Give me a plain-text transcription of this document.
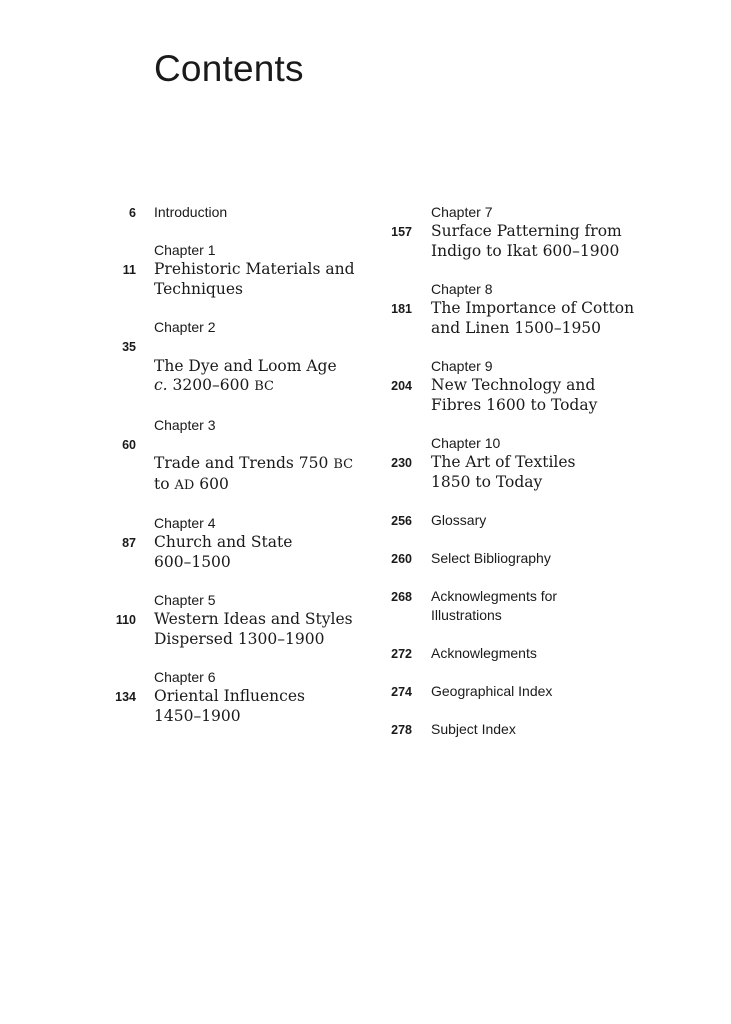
Contents
6 Introduction
Chapter 1
11 Prehistoric Materials and
Techniques
Chapter 2
35

The Dye and Loom Age
c. 3200–600 BC

Chapter 3
60

Trade and Trends 750 BC
to AD 600

Chapter 4
87 Church and State
600–1500
Chapter 5
110 Western Ideas and Styles
Dispersed 1300–1900
Chapter 6
134 Oriental Influences
1450–1900
Chapter 7
157 Surface Patterning from
Indigo to Ikat 600–1900
Chapter 8
181 The Importance of Cotton
and Linen 1500–1950
Chapter 9
204 New Technology and
Fibres 1600 to Today
Chapter 10
230 The Art of Textiles
1850 to Today
256 Glossary
260 Select Bibliography
268 Acknowlegments for
Illustrations
272 Acknowlegments
274 Geographical Index
278 Subject Index
